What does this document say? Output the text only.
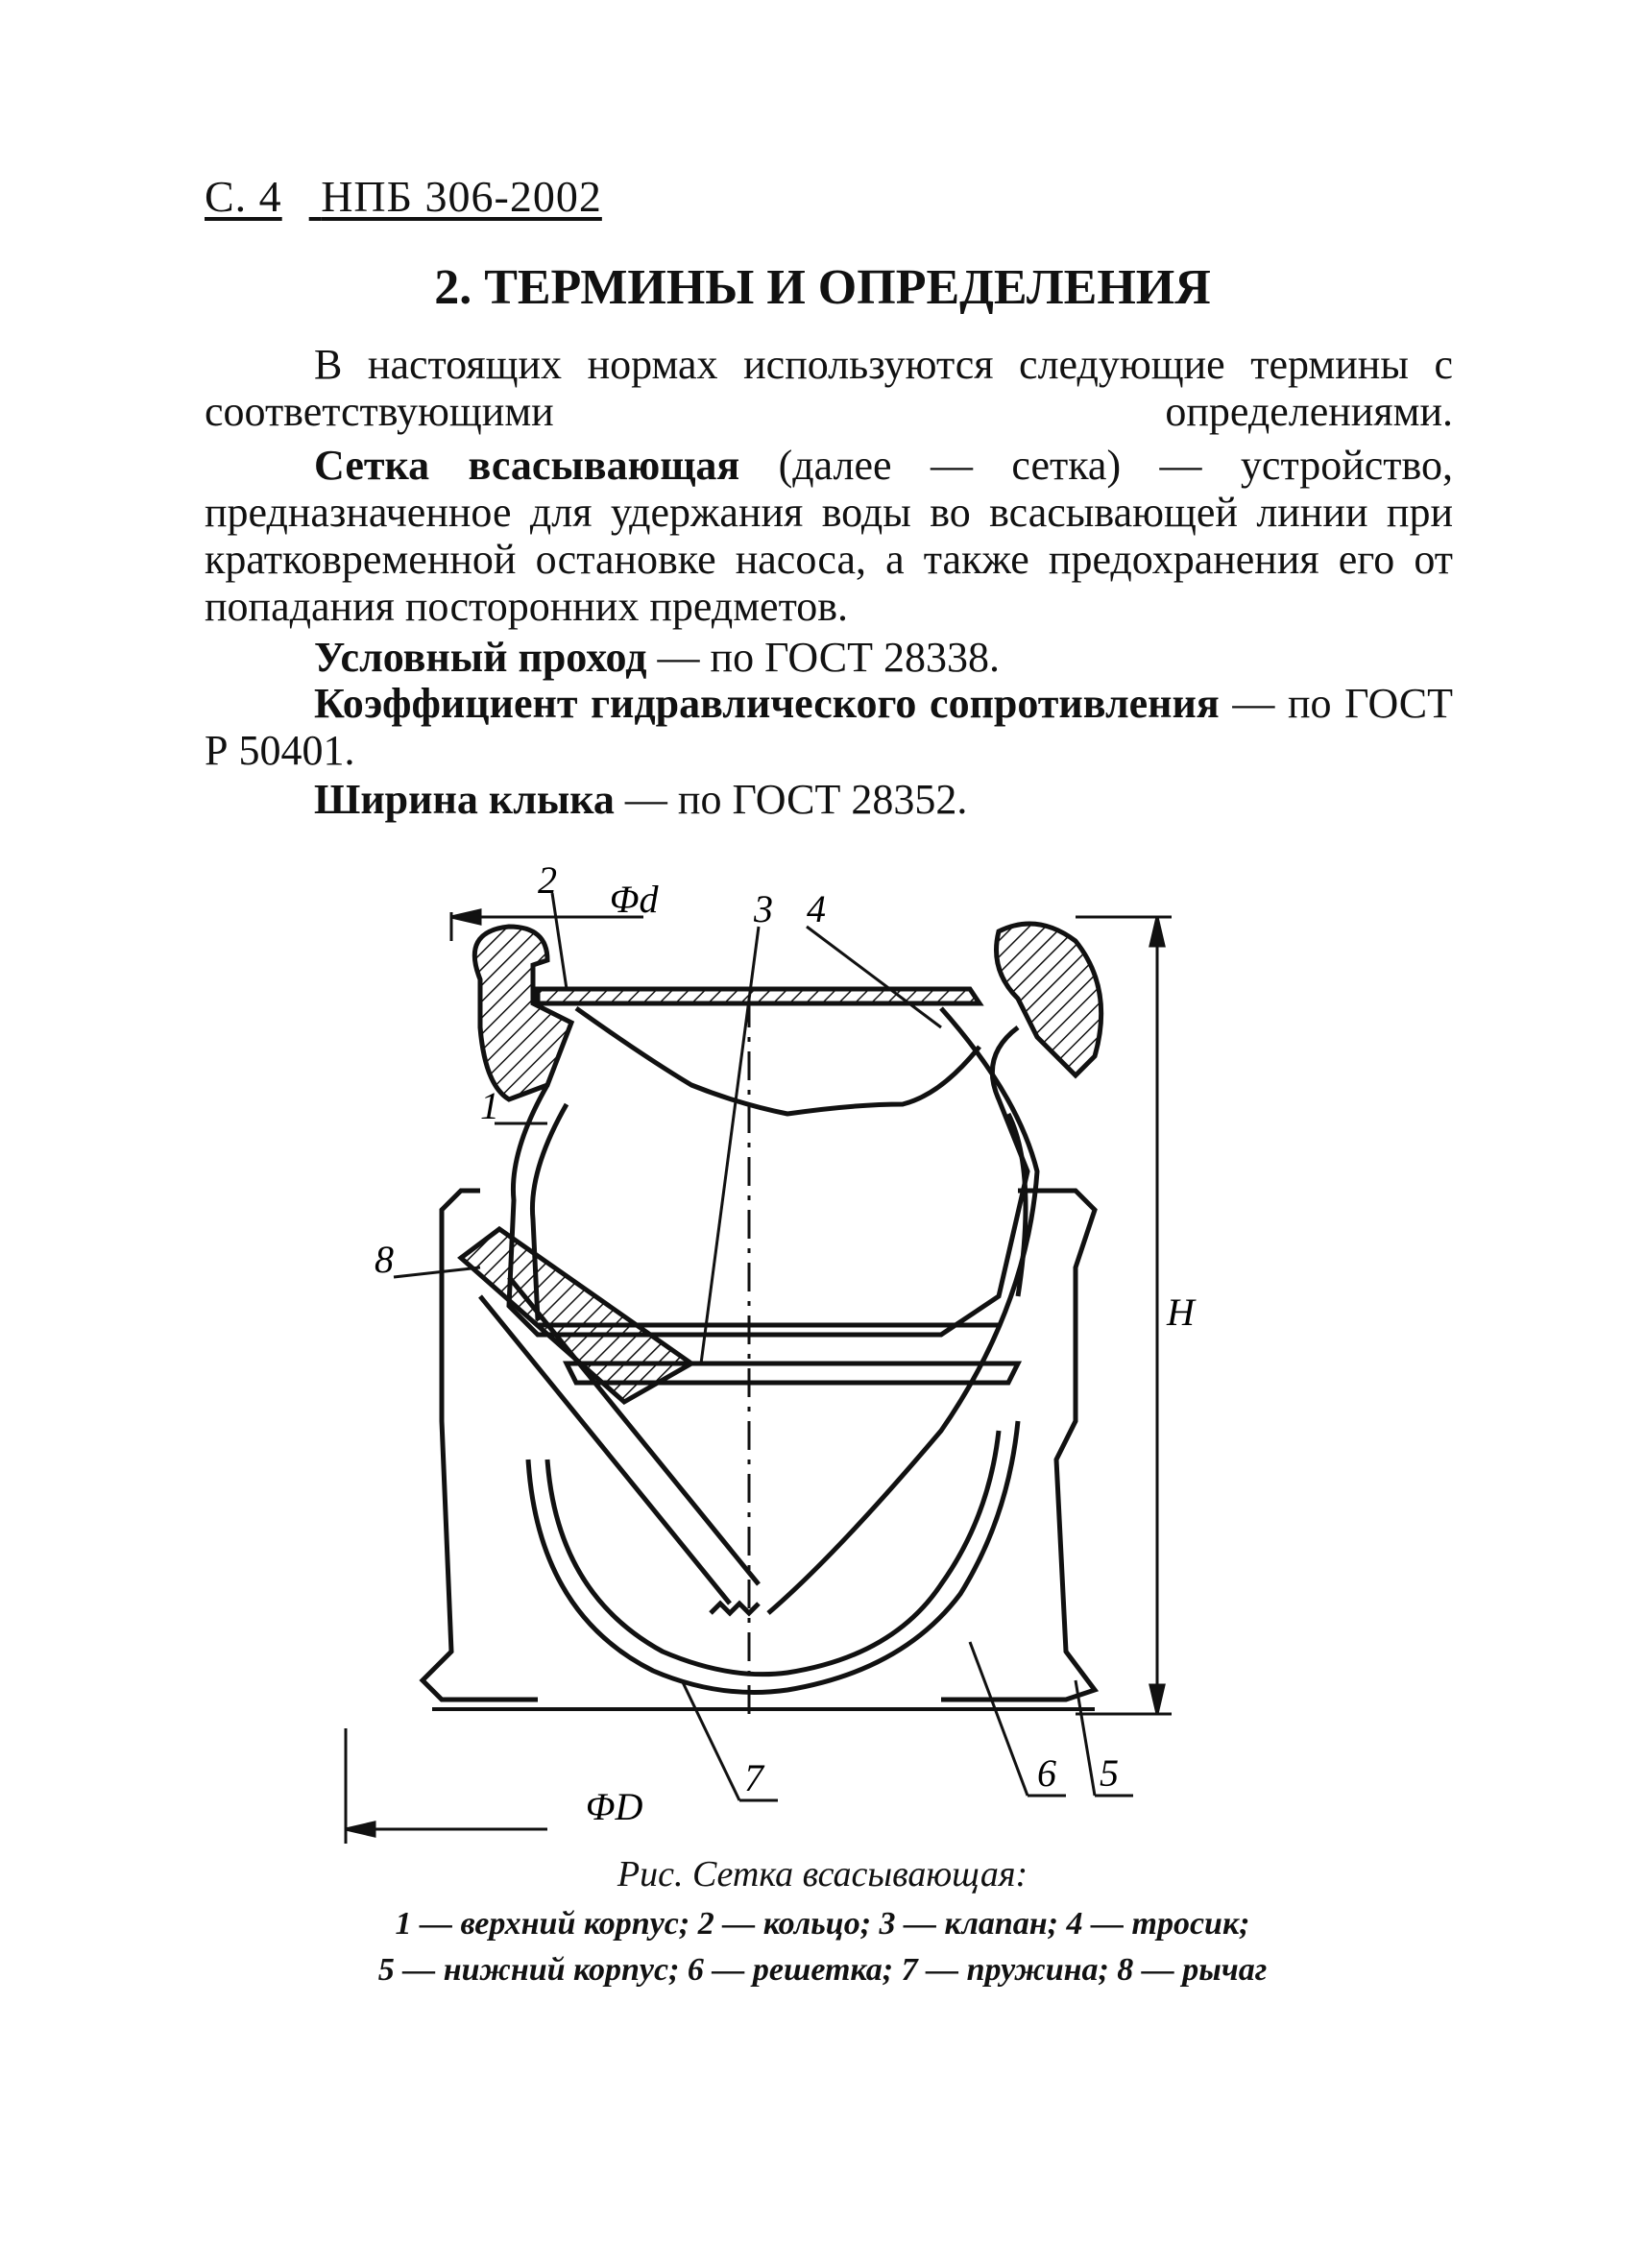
С. 4 НПБ 306-2002
2. ТЕРМИНЫ И ОПРЕДЕЛЕНИЯ
В настоящих нормах используются следующие термины с соответствующими определениями.
Сетка всасывающая (далее — сетка) — устройство, предназначенное для удержания воды во всасывающей линии при кратковременной остановке насоса, а также предохранения его от попадания посторонних предметов.
Условный проход — по ГОСТ 28338.
Коэффициент гидравлического сопротивления — по ГОСТ Р 50401.
Ширина клыка — по ГОСТ 28352.
1
2
3 4
5
6
7
8
Φd
ΦD
H
Рис. Сетка всасывающая:
1 — верхний корпус; 2 — кольцо; 3 — клапан; 4 — тросик;
5 — нижний корпус; 6 — решетка; 7 — пружина; 8 — рычаг
